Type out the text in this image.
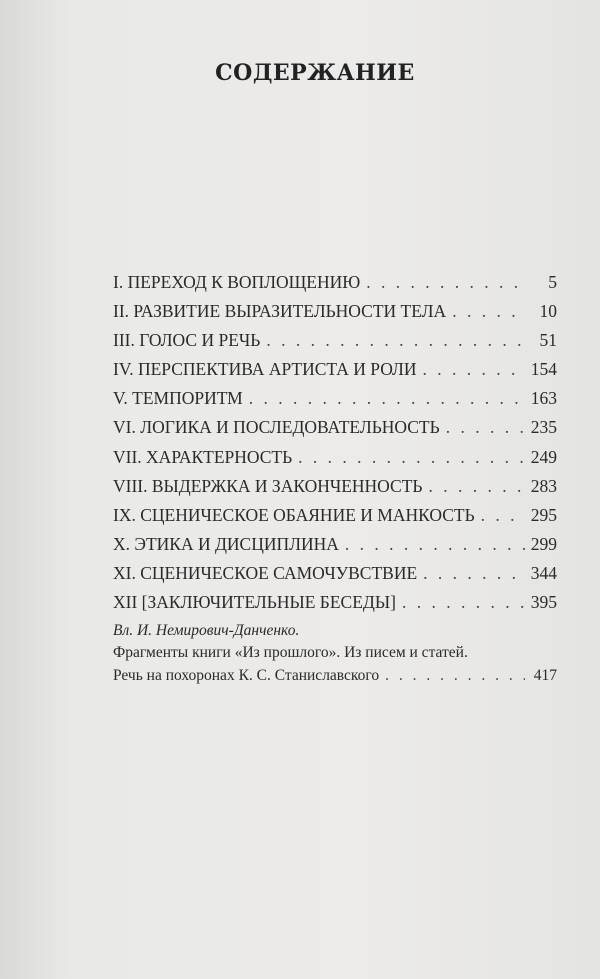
СОДЕРЖАНИЕ
I. ПЕРЕХОД К ВОПЛОЩЕНИЮ . . .	5
II. РАЗВИТИЕ ВЫРАЗИТЕЛЬНОСТИ ТЕЛА . . .	10
III. ГОЛОС И РЕЧЬ . . .	51
IV. ПЕРСПЕКТИВА АРТИСТА И РОЛИ . . .	154
V. ТЕМПОРИТМ . . .	163
VI. ЛОГИКА И ПОСЛЕДОВАТЕЛЬНОСТЬ . . .	235
VII. ХАРАКТЕРНОСТЬ . . .	249
VIII. ВЫДЕРЖКА И ЗАКОНЧЕННОСТЬ . . .	283
IX. СЦЕНИЧЕСКОЕ ОБАЯНИЕ И МАНКОСТЬ . . .	295
X. ЭТИКА И ДИСЦИПЛИНА . . .	299
XI. СЦЕНИЧЕСКОЕ САМОЧУВСТВИЕ . . .	344
XII [ЗАКЛЮЧИТЕЛЬНЫЕ БЕСЕДЫ] . . .	395
Вл. И. Немирович-Данченко.
Фрагменты книги «Из прошлого». Из писем и статей.
Речь на похоронах К. С. Станиславского . . .	417
